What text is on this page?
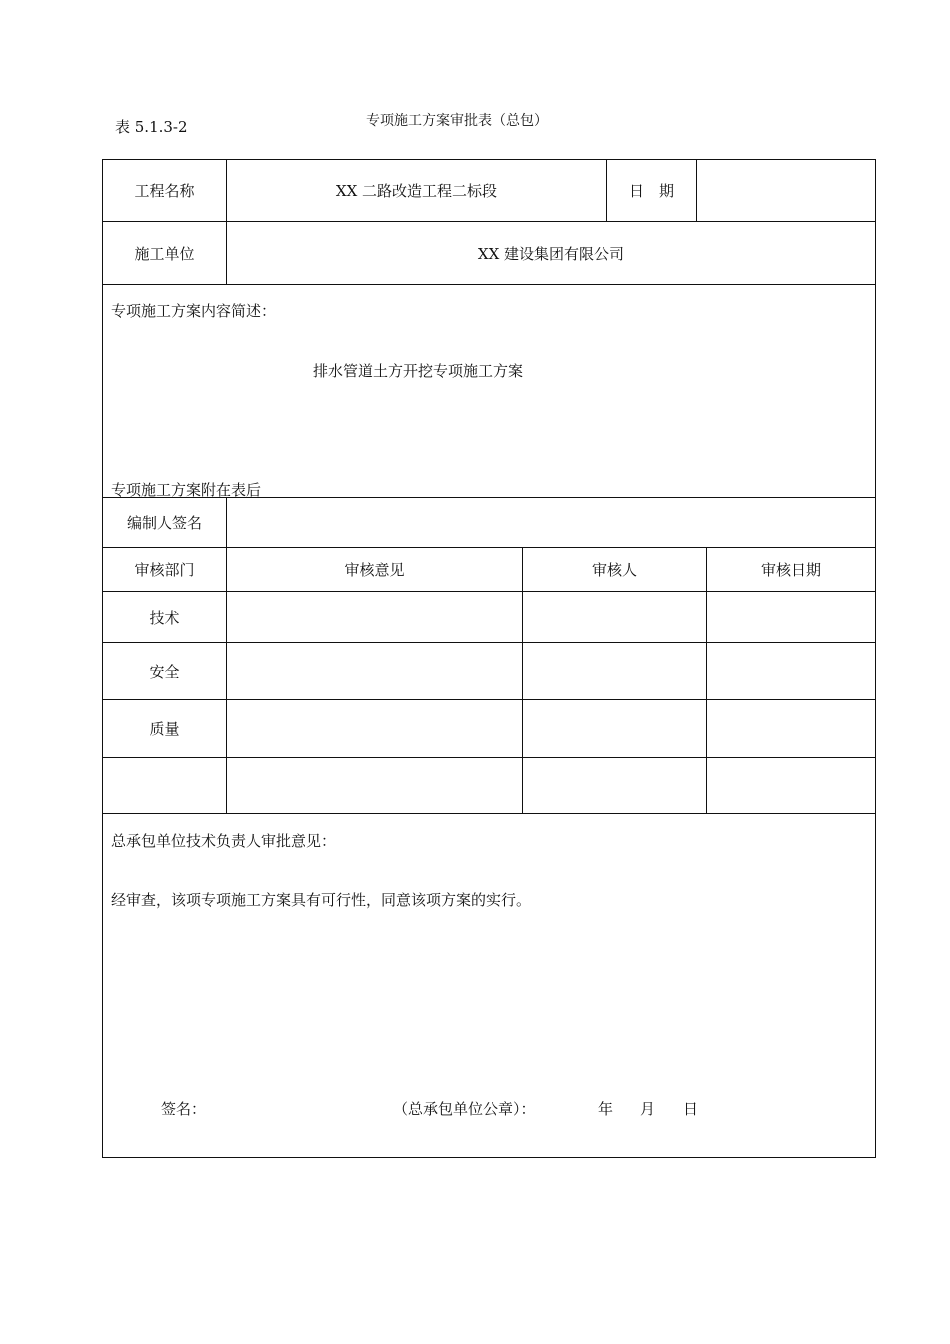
表 5.1.3-2	专项施工方案审批表（总包）
工程名称	XX 二路改造工程二标段	日　期
施工单位	XX 建设集团有限公司
专项施工方案内容简述：
排水管道土方开挖专项施工方案
专项施工方案附在表后
编制人签名
审核部门	审核意见	审核人	审核日期
技术
安全
质量
总承包单位技术负责人审批意见：
经审查，该项专项施工方案具有可行性，同意该项方案的实行。
签名：	（总承包单位公章）：	年 月 日
